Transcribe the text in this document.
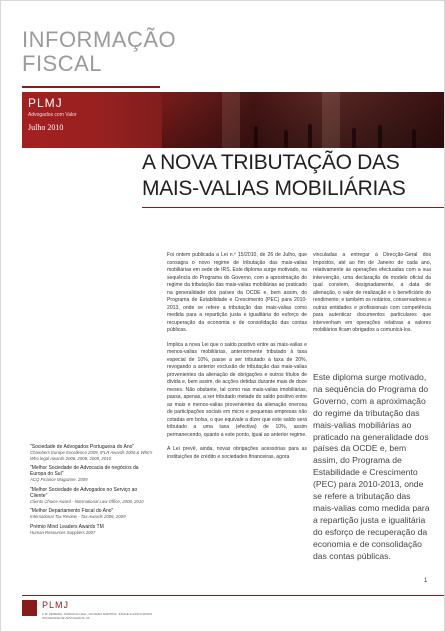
INFORMAÇÃO
FISCAL
PLMJ
Advogados com Valor
Julho 2010
A NOVA TRIBUTAÇÃO DAS
MAIS-VALIAS MOBILIÁRIAS

Foi ontem publicada a Lei n.º 15/2010, de 26 de Julho, que consagra o novo regime de tributação das mais-valias mobiliárias em sede de IRS. Este diploma surge motivado, na sequência do Programa do Governo, com a aproximação do regime da tributação das mais-valias mobiliárias ao praticado na generalidade dos países da OCDE e, bem assim, do Programa de Estabilidade e Crescimento (PEC) para 2010-2013, onde se refere a tributação das mais-valias como medida para a repartição justa e igualitária do esforço de recuperação da economia e de consolidação das contas públicas.

Implica a nova Lei que o saldo positivo entre as mais-valias e menos-valias mobiliárias, anteriormente tributado à taxa especial de 10%, passe a ser tributado à taxa de 20%, revogando a anterior exclusão de tributação das mais-valias provenientes da alienação de obrigações e outros títulos de dívida e, bem assim, de acções detidas durante mais de doze meses. Não obstante, tal como nas mais-valias imobiliárias, passa, apenas, a ser tributado metade do saldo positivo entre as mais e menos-valias provenientes da alienação onerosa de participações sociais em micro e pequenas empresas não cotadas em bolsa, o que equivale a dizer que este saldo será tributado a uma taxa (efectiva) de 10%, assim permanecendo, quanto a este ponto, igual ao anterior regime.

A Lei prevê, ainda, novas obrigações acessórias para as instituições de crédito e sociedades financeiras, agora

vinculadas a entregar à Direcção-Geral dos Impostos, até ao fim de Janeiro de cada ano, relativamente às operações efectuadas com a sua intervenção, uma declaração de modelo oficial da qual constem, designadamente, a data de alienação, o valor de realização e o beneficiário do rendimento; e também os notários, conservadores e outras entidades e profissionais com competência para autenticar documentos particulares que intervenham em operações relativas a valores mobiliários ficam obrigados a comunicá-los.

Este diploma surge motivado, na sequência do Programa do Governo, com a aproximação do regime da tributação das mais-valias mobiliárias ao praticado na generalidade dos países da OCDE e, bem assim, do Programa de Estabilidade e Crescimento (PEC) para 2010-2013, onde se refere a tributação das mais-valias como medida para a repartição justa e igualitária do esforço de recuperação da economia e de consolidação das contas públicas.
"Sociedade de Advogados Portuguesa do Ano"
Chambers Europe Excellence 2009, IFLR Awards 2006 & Who's Who legal Awards 2006, 2008, 2009, 2010
"Melhor Sociedade de Advocacia de negócios da Europa do Sul"
ACQ Finance Magazine, 2009
"Melhor Sociedade de Advogados no Serviço ao Cliente"
Clients Choice Award - International Law Office, 2008, 2010
"Melhor Departamento Fiscal do Ano"
International Tax Review - Tax Awards 2006, 2009
Prémio Mind Leaders Awards TM
Human Resources Suppliers 2007
1
PLMJ
A.M. PEREIRA, SÁRAGGA LEAL, OLIVEIRA MARTINS, JÚDICE E ASSOCIADOS SOCIEDADE DE ADVOGADOS, RL
